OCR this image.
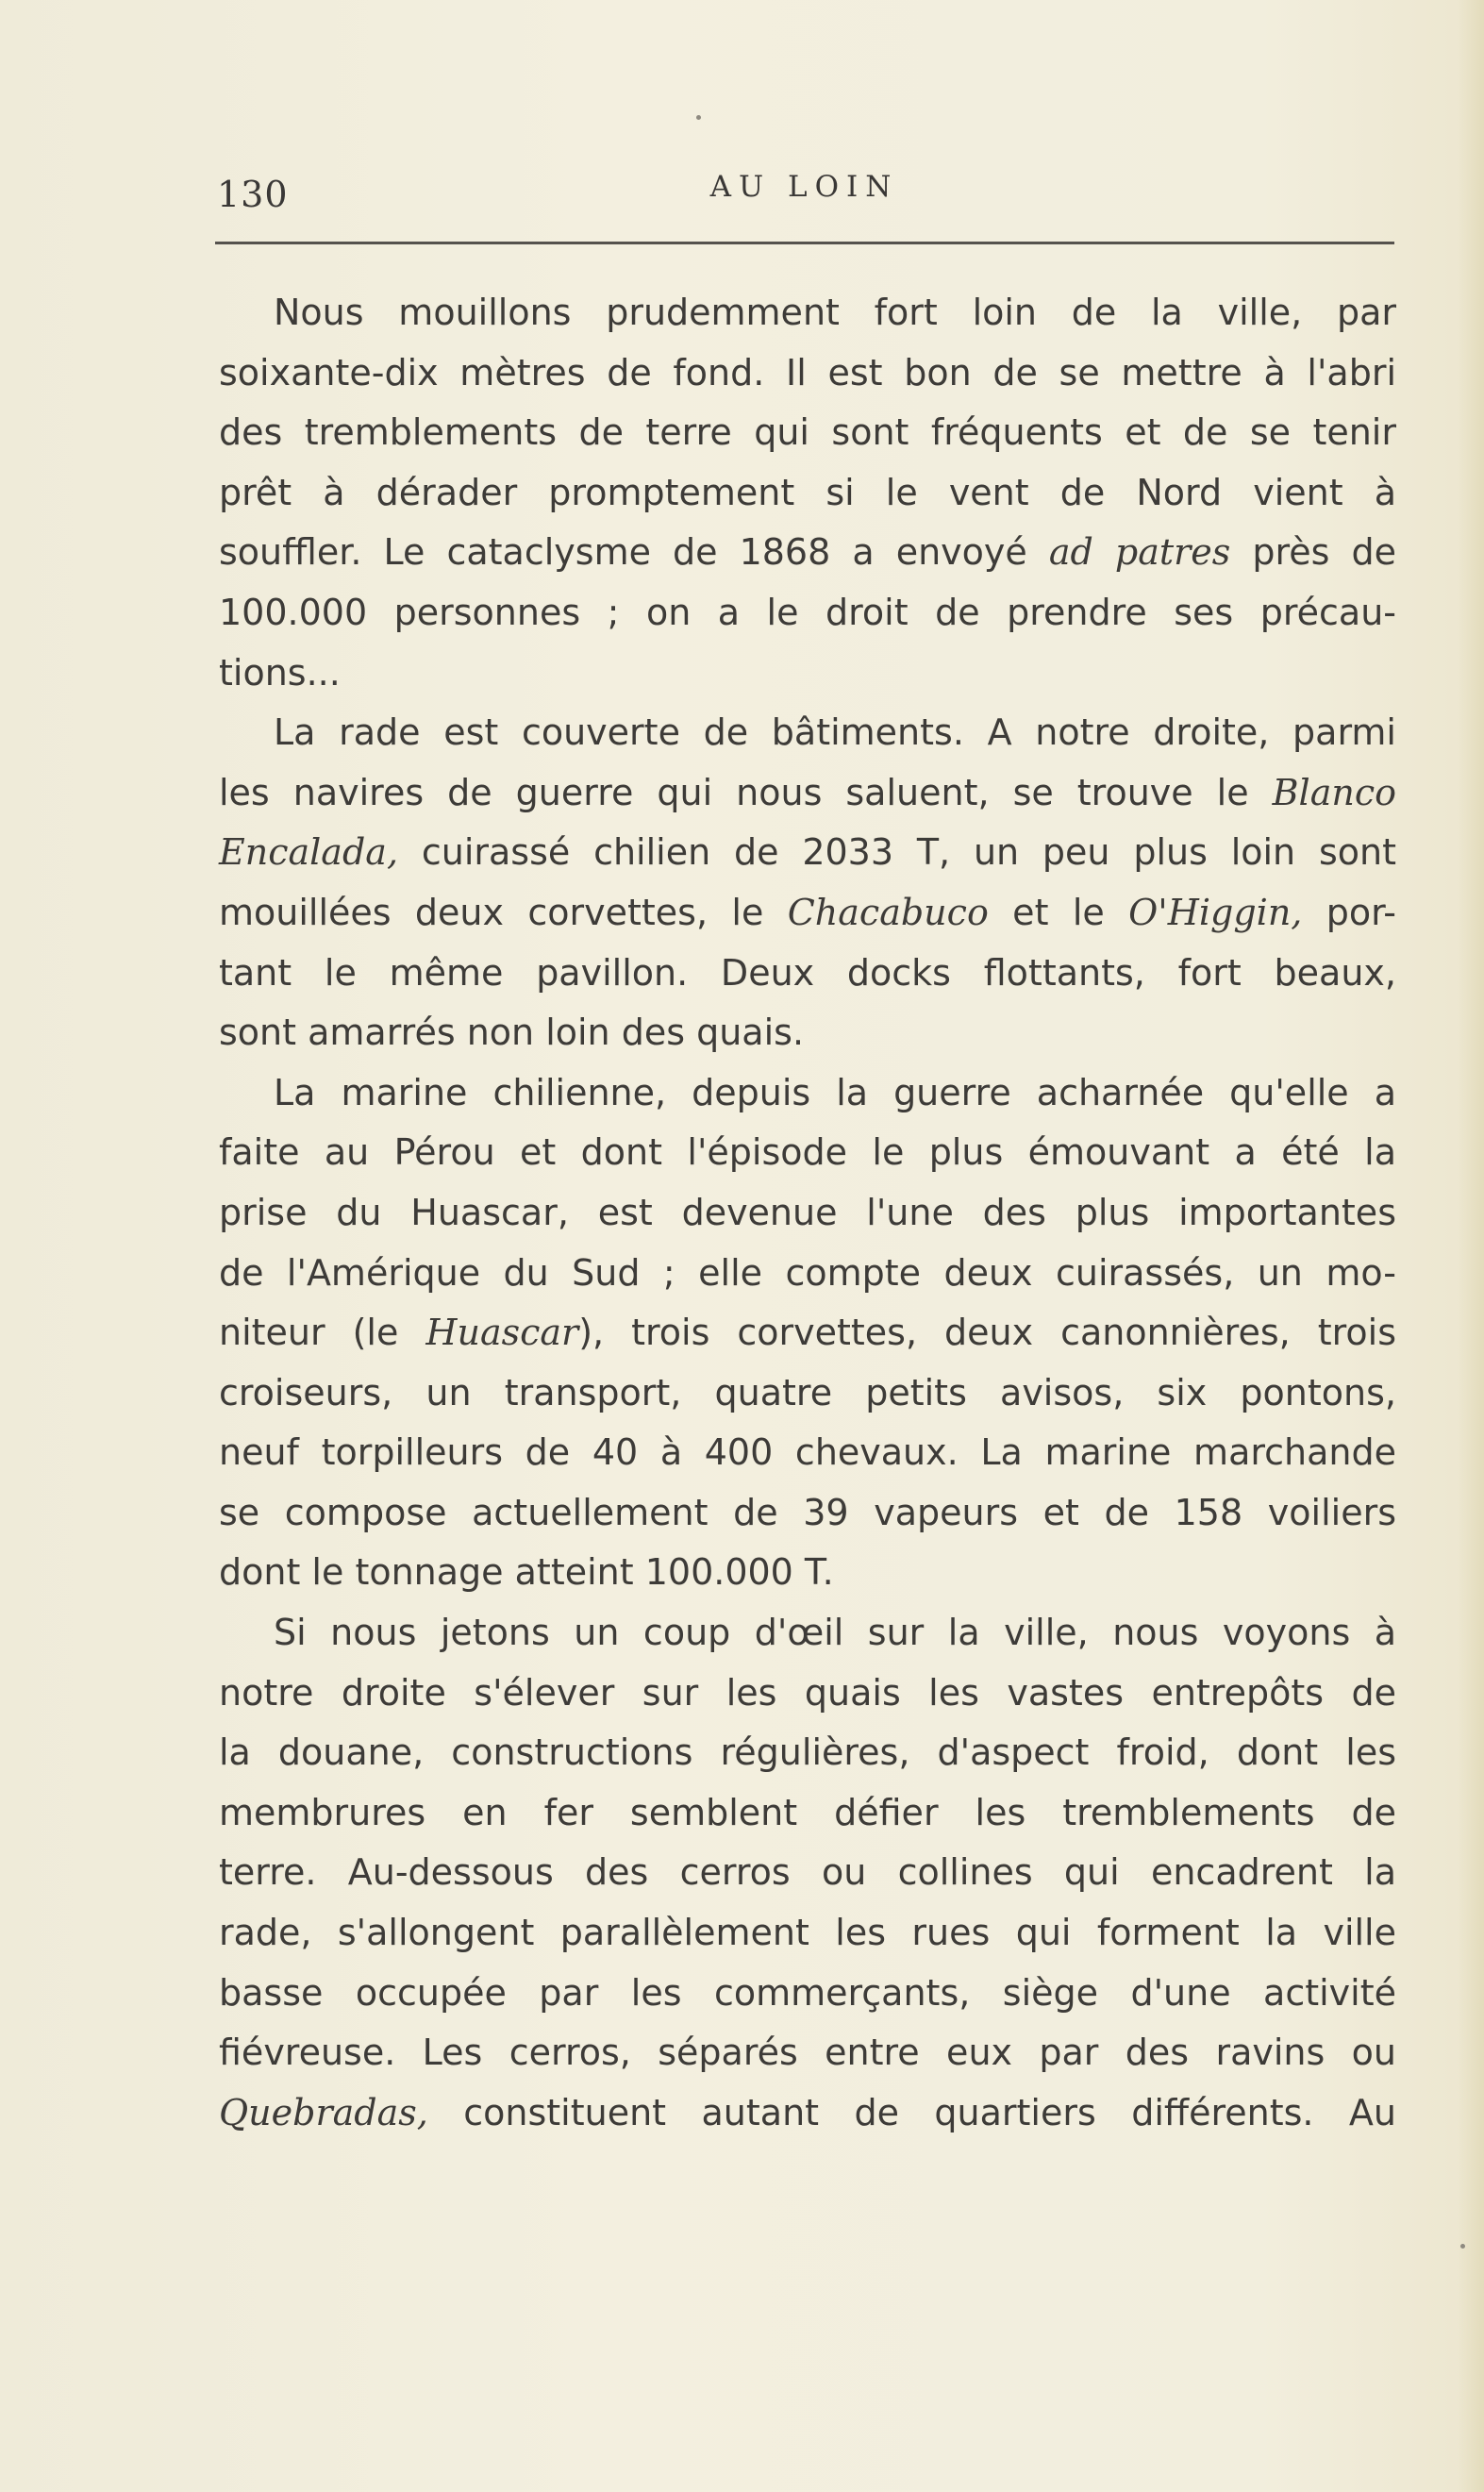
130	AU LOIN
Nous mouillons prudemment fort loin de la ville, par
soixante-dix mètres de fond. Il est bon de se mettre à l'abri
des tremblements de terre qui sont fréquents et de se tenir
prêt à dérader promptement si le vent de Nord vient à
souffler. Le cataclysme de 1868 a envoyé ad patres près de
100.000 personnes ; on a le droit de prendre ses précau-
tions...
La rade est couverte de bâtiments. A notre droite, parmi
les navires de guerre qui nous saluent, se trouve le Blanco
Encalada, cuirassé chilien de 2033 T, un peu plus loin sont
mouillées deux corvettes, le Chacabuco et le O'Higgin, por-
tant le même pavillon. Deux docks flottants, fort beaux,
sont amarrés non loin des quais.
La marine chilienne, depuis la guerre acharnée qu'elle a
faite au Pérou et dont l'épisode le plus émouvant a été la
prise du Huascar, est devenue l'une des plus importantes
de l'Amérique du Sud ; elle compte deux cuirassés, un mo-
niteur (le Huascar), trois corvettes, deux canonnières, trois
croiseurs, un transport, quatre petits avisos, six pontons,
neuf torpilleurs de 40 à 400 chevaux. La marine marchande
se compose actuellement de 39 vapeurs et de 158 voiliers
dont le tonnage atteint 100.000 T.
Si nous jetons un coup d'œil sur la ville, nous voyons à
notre droite s'élever sur les quais les vastes entrepôts de
la douane, constructions régulières, d'aspect froid, dont les
membrures en fer semblent défier les tremblements de
terre. Au-dessous des cerros ou collines qui encadrent la
rade, s'allongent parallèlement les rues qui forment la ville
basse occupée par les commerçants, siège d'une activité
fiévreuse. Les cerros, séparés entre eux par des ravins ou
Quebradas, constituent autant de quartiers différents. Au
